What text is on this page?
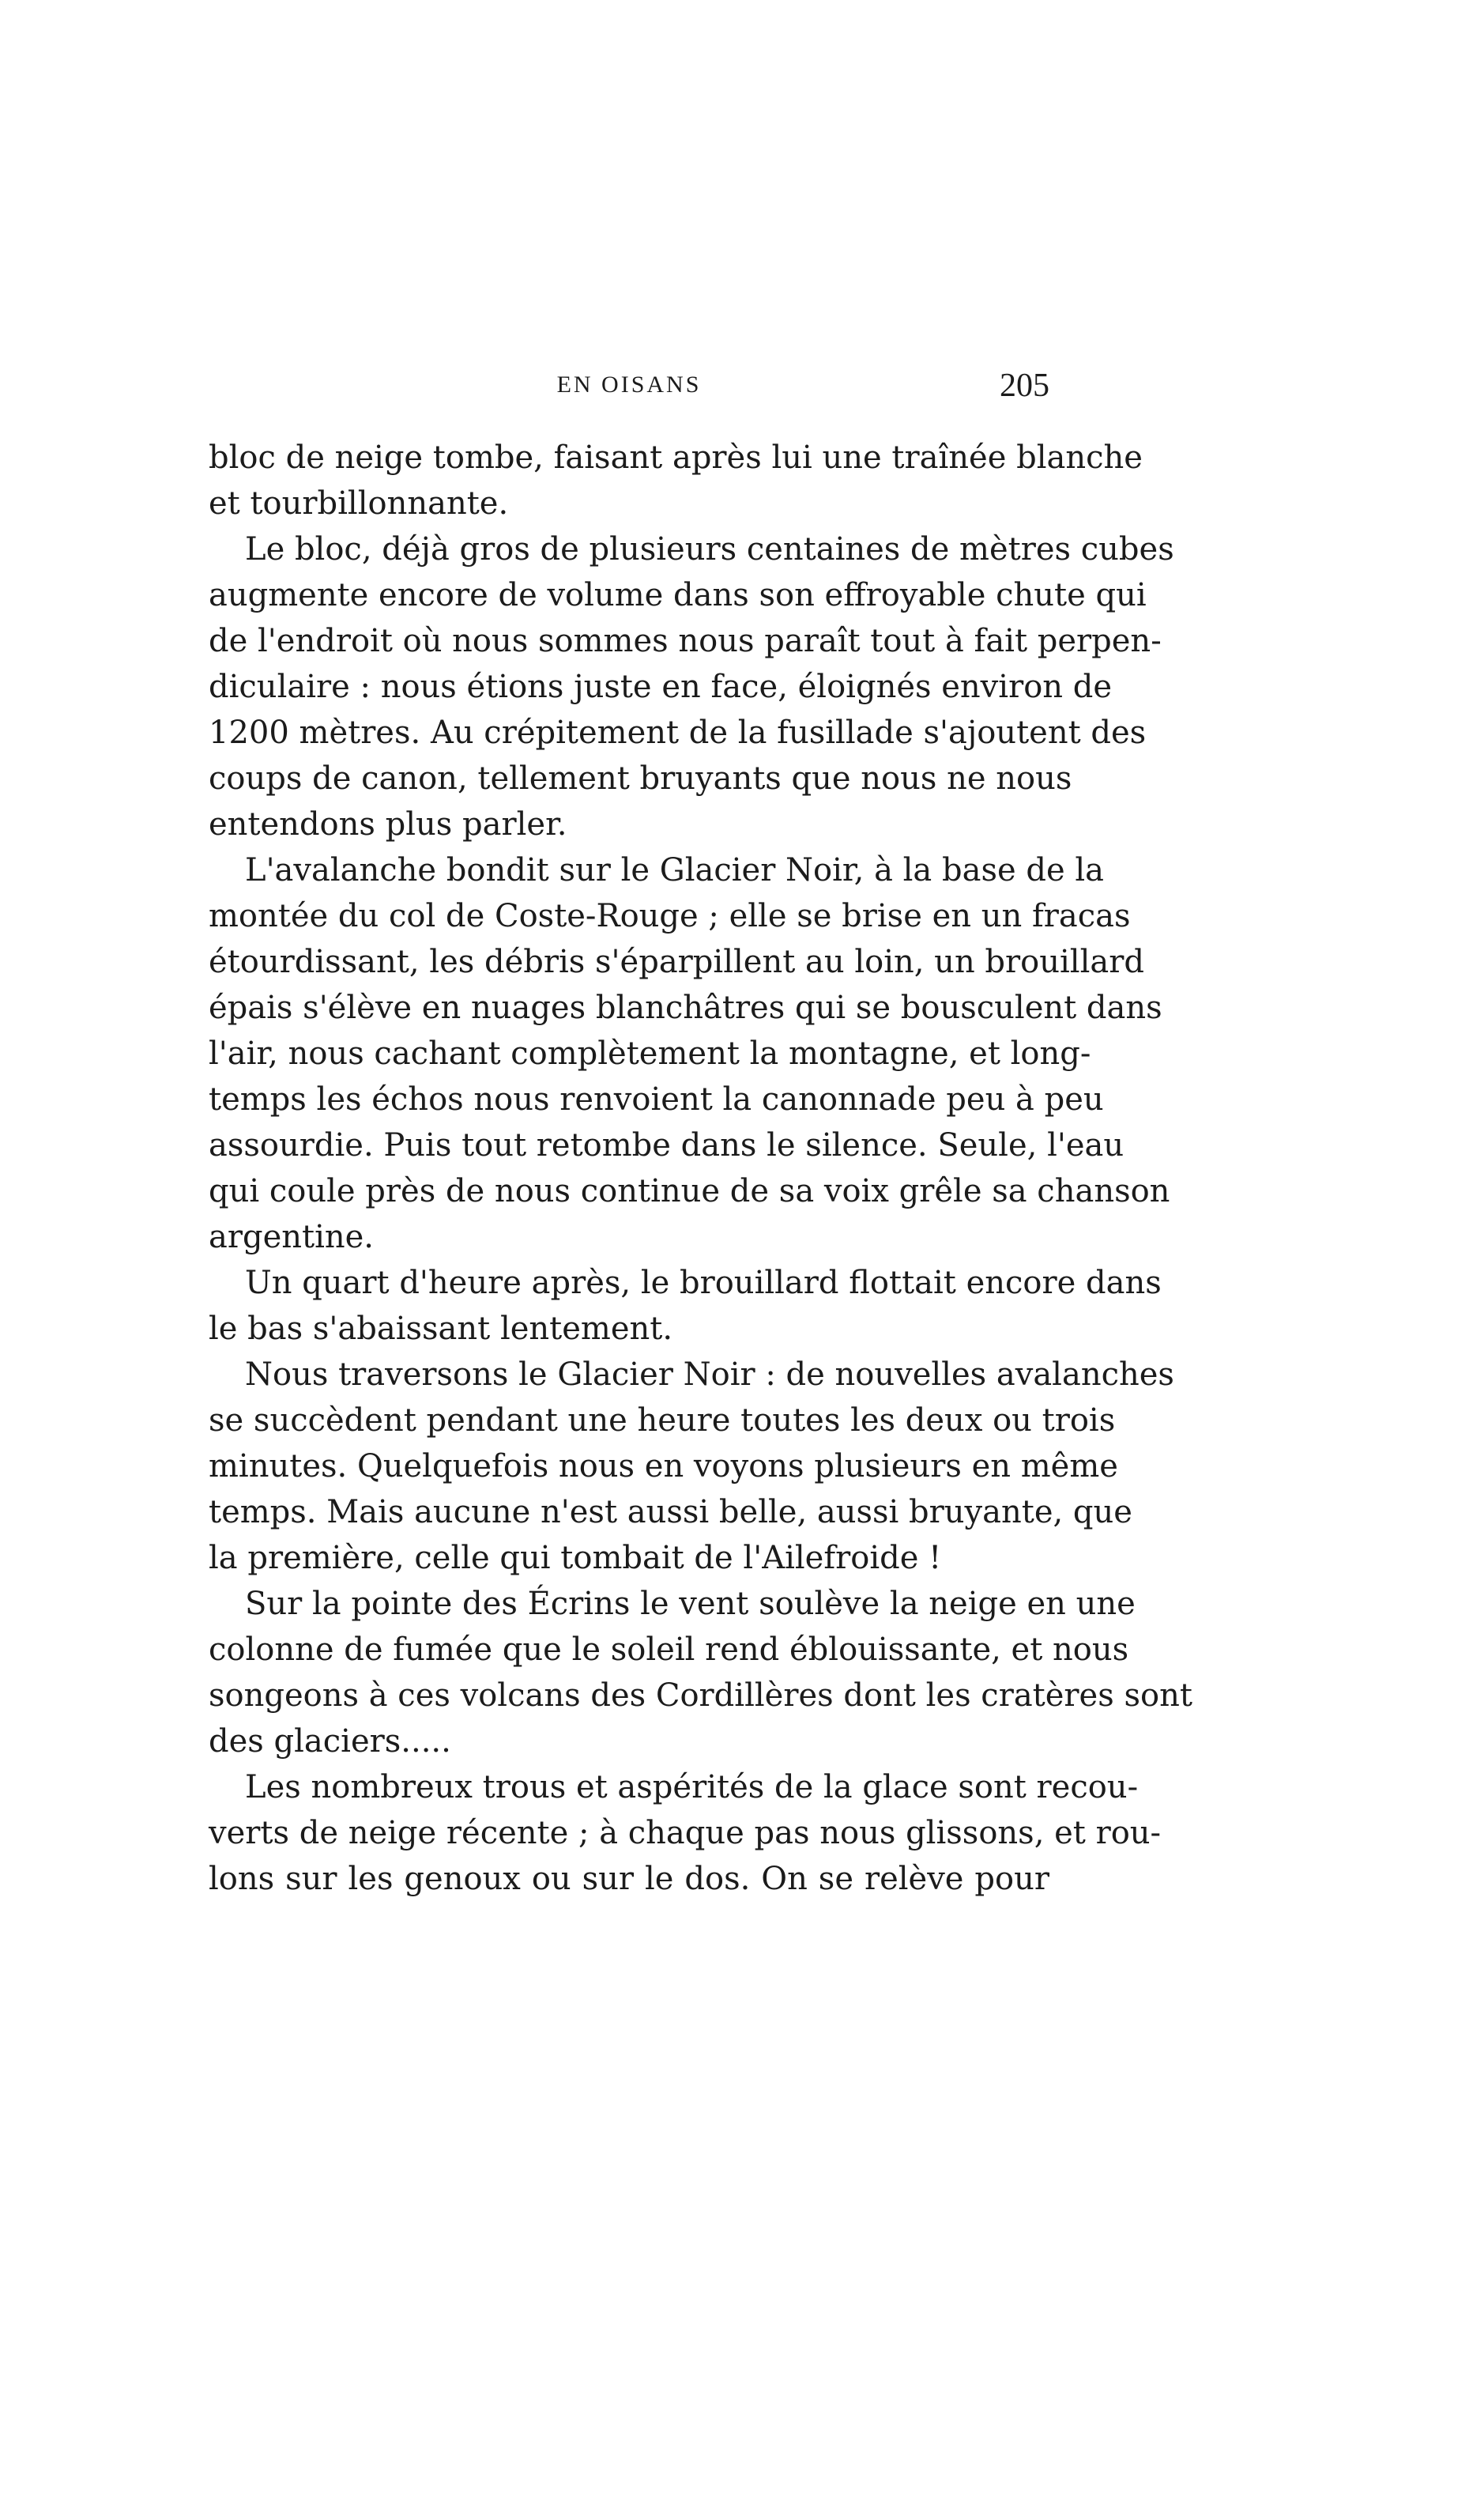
EN OISANS	205
bloc de neige tombe, faisant après lui une traînée blanche
et tourbillonnante.
Le bloc, déjà gros de plusieurs centaines de mètres cubes
augmente encore de volume dans son effroyable chute qui
de l'endroit où nous sommes nous paraît tout à fait perpen-
diculaire : nous étions juste en face, éloignés environ de
1200 mètres. Au crépitement de la fusillade s'ajoutent des
coups de canon, tellement bruyants que nous ne nous
entendons plus parler.
L'avalanche bondit sur le Glacier Noir, à la base de la
montée du col de Coste-Rouge ; elle se brise en un fracas
étourdissant, les débris s'éparpillent au loin, un brouillard
épais s'élève en nuages blanchâtres qui se bousculent dans
l'air, nous cachant complètement la montagne, et long-
temps les échos nous renvoient la canonnade peu à peu
assourdie. Puis tout retombe dans le silence. Seule, l'eau
qui coule près de nous continue de sa voix grêle sa chanson
argentine.
Un quart d'heure après, le brouillard flottait encore dans
le bas s'abaissant lentement.
Nous traversons le Glacier Noir : de nouvelles avalanches
se succèdent pendant une heure toutes les deux ou trois
minutes. Quelquefois nous en voyons plusieurs en même
temps. Mais aucune n'est aussi belle, aussi bruyante, que
la première, celle qui tombait de l'Ailefroide !
Sur la pointe des Écrins le vent soulève la neige en une
colonne de fumée que le soleil rend éblouissante, et nous
songeons à ces volcans des Cordillères dont les cratères sont
des glaciers.....
Les nombreux trous et aspérités de la glace sont recou-
verts de neige récente ; à chaque pas nous glissons, et rou-
lons sur les genoux ou sur le dos. On se relève pour
